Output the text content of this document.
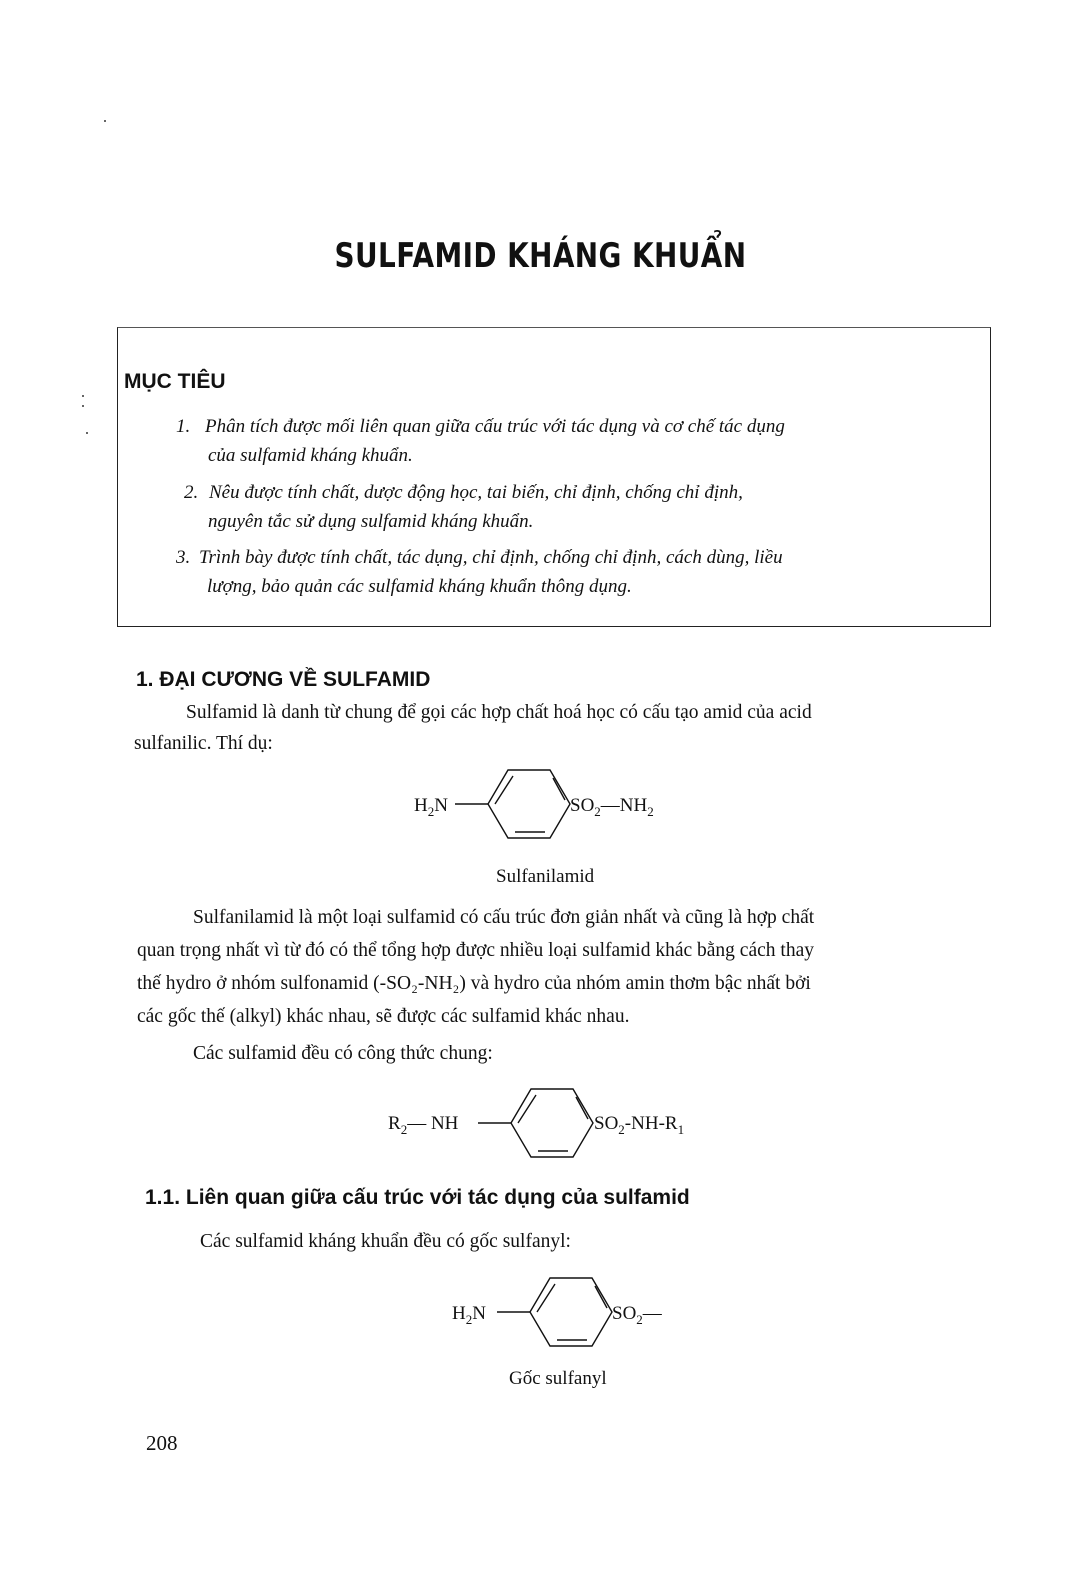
SULFAMID KHÁNG KHUẨN
MỤC TIÊU
1. Phân tích được mối liên quan giữa cấu trúc với tác dụng và cơ chế tác dụng
của sulfamid kháng khuẩn.
2. Nêu được tính chất, dược động học, tai biến, chỉ định, chống chỉ định,
nguyên tắc sử dụng sulfamid kháng khuẩn.
3. Trình bày được tính chất, tác dụng, chỉ định, chống chỉ định, cách dùng, liều
lượng, bảo quản các sulfamid kháng khuẩn thông dụng.
1. ĐẠI CƯƠNG VỀ SULFAMID
Sulfamid là danh từ chung để gọi các hợp chất hoá học có cấu tạo amid của acid
sulfanilic. Thí dụ:
$H_2N$	$SO_2—NH_2$
Sulfanilamid
Sulfanilamid là một loại sulfamid có cấu trúc đơn giản nhất và cũng là hợp chất
quan trọng nhất vì từ đó có thể tổng hợp được nhiều loại sulfamid khác bằng cách thay
thế hydro ở nhóm sulfonamid (-SO₂-NH₂) và hydro của nhóm amin thơm bậc nhất bởi
các gốc thế (alkyl) khác nhau, sẽ được các sulfamid khác nhau.
Các sulfamid đều có công thức chung:
$R_2—$ NH	$SO_2-NH-R_1$
1.1. Liên quan giữa cấu trúc với tác dụng của sulfamid
Các sulfamid kháng khuẩn đều có gốc sulfanyl:
$H_2N$	$SO_2—$
Gốc sulfanyl
208
